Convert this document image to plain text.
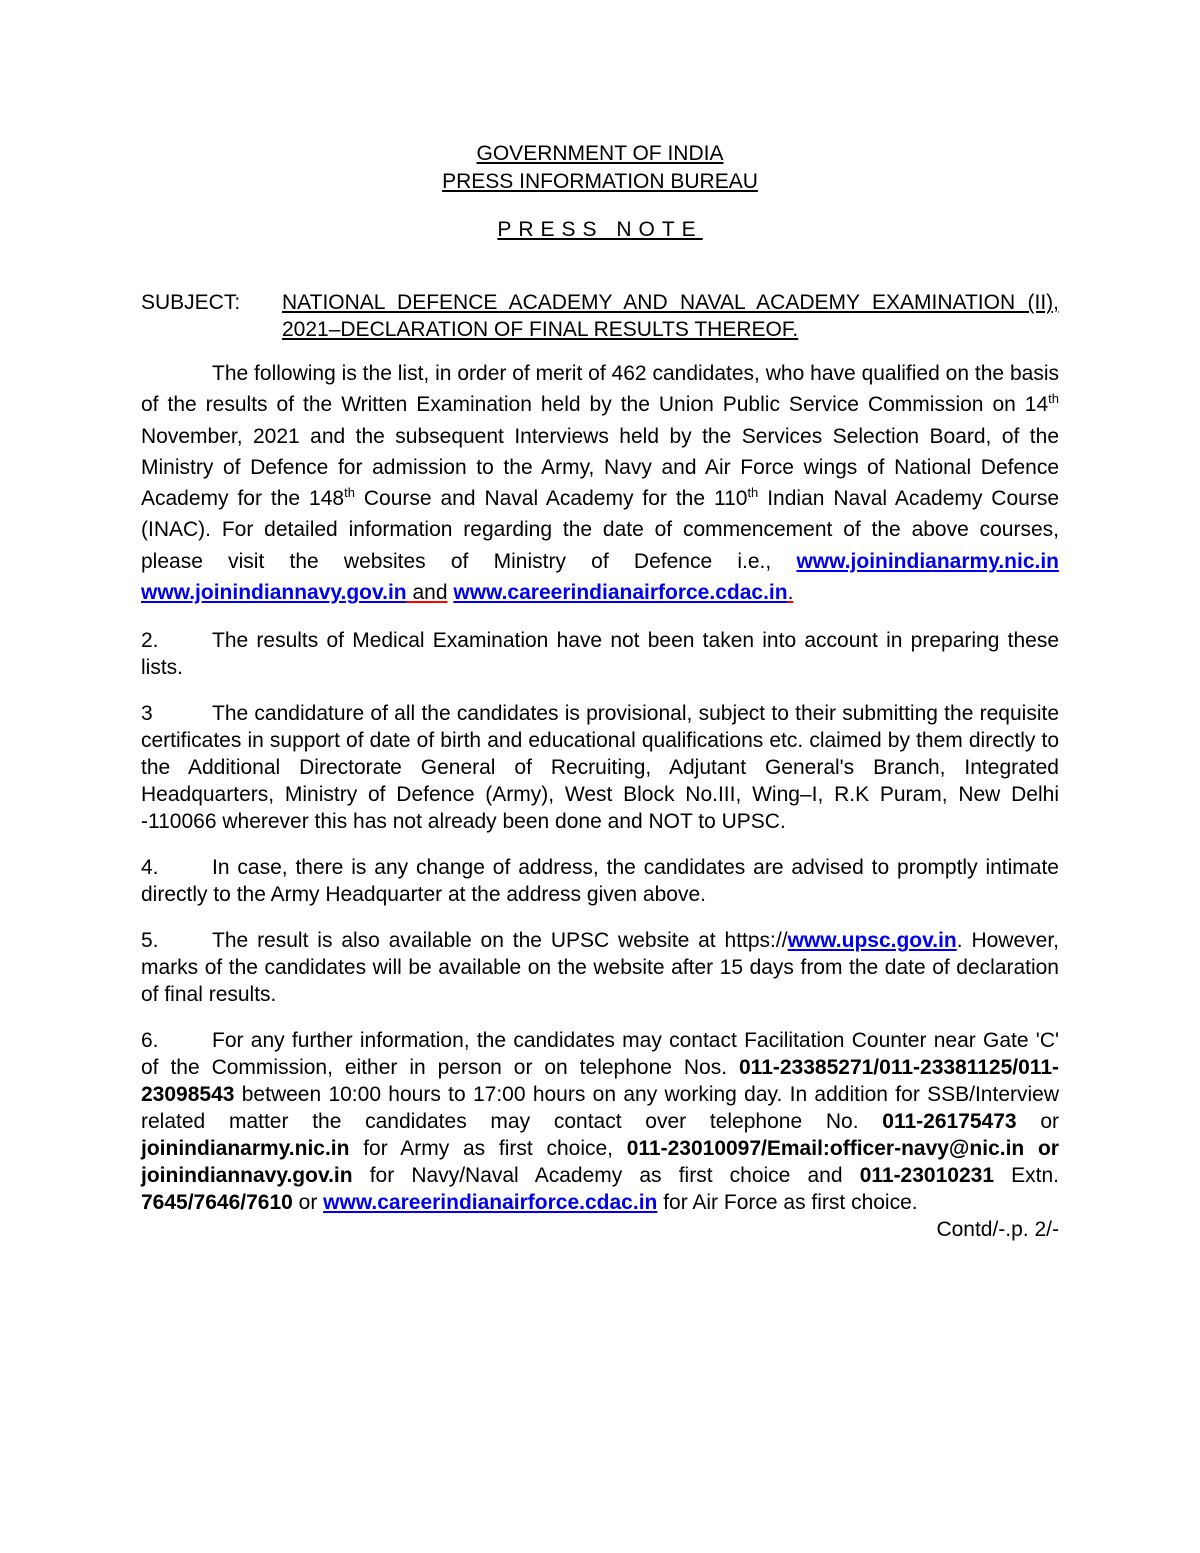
GOVERNMENT OF INDIA
PRESS INFORMATION BUREAU
PRESS NOTE
SUBJECT:	NATIONAL DEFENCE ACADEMY AND NAVAL ACADEMY EXAMINATION (II), 2021–DECLARATION OF FINAL RESULTS THEREOF.
The following is the list, in order of merit of 462 candidates, who have qualified on the basis of the results of the Written Examination held by the Union Public Service Commission on 14th November, 2021 and the subsequent Interviews held by the Services Selection Board, of the Ministry of Defence for admission to the Army, Navy and Air Force wings of National Defence Academy for the 148th Course and Naval Academy for the 110th Indian Naval Academy Course (INAC). For detailed information regarding the date of commencement of the above courses, please visit the websites of Ministry of Defence i.e., www.joinindianarmy.nic.in www.joinindiannavy.gov.in and www.careerindianairforce.cdac.in.
2.	The results of Medical Examination have not been taken into account in preparing these lists.
3	The candidature of all the candidates is provisional, subject to their submitting the requisite certificates in support of date of birth and educational qualifications etc. claimed by them directly to the Additional Directorate General of Recruiting, Adjutant General's Branch, Integrated Headquarters, Ministry of Defence (Army), West Block No.III, Wing–I, R.K Puram, New Delhi -110066 wherever this has not already been done and NOT to UPSC.
4.	In case, there is any change of address, the candidates are advised to promptly intimate directly to the Army Headquarter at the address given above.
5.	The result is also available on the UPSC website at https://www.upsc.gov.in. However, marks of the candidates will be available on the website after 15 days from the date of declaration of final results.
6.	For any further information, the candidates may contact Facilitation Counter near Gate 'C' of the Commission, either in person or on telephone Nos. 011-23385271/011-23381125/011-23098543 between 10:00 hours to 17:00 hours on any working day. In addition for SSB/Interview related matter the candidates may contact over telephone No. 011-26175473 or joinindianarmy.nic.in for Army as first choice, 011-23010097/Email:officer-navy@nic.in or joinindiannavy.gov.in for Navy/Naval Academy as first choice and 011-23010231 Extn. 7645/7646/7610 or www.careerindianairforce.cdac.in for Air Force as first choice.
Contd/-.p. 2/-
